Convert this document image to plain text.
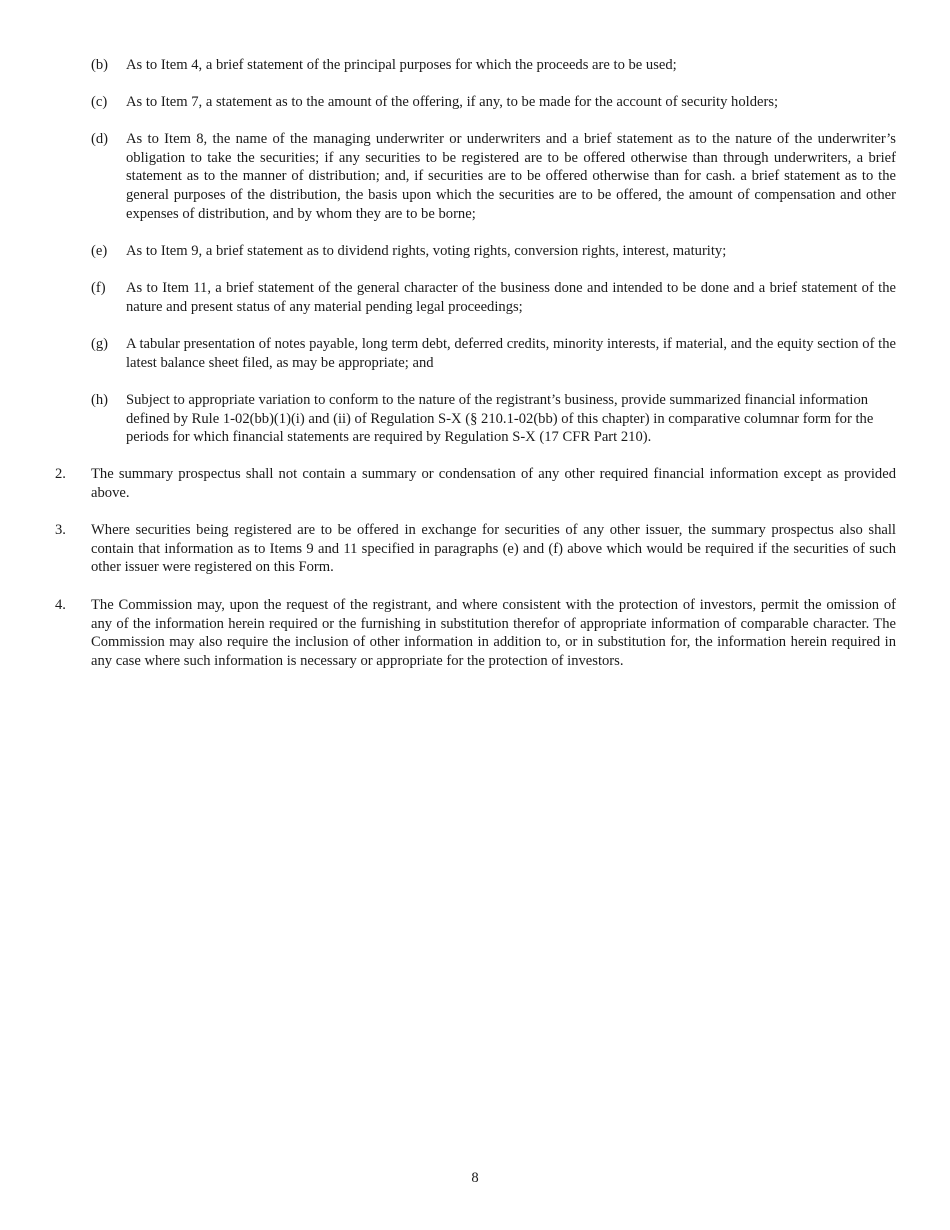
(b) As to Item 4, a brief statement of the principal purposes for which the proceeds are to be used;
(c) As to Item 7, a statement as to the amount of the offering, if any, to be made for the account of security holders;
(d) As to Item 8, the name of the managing underwriter or underwriters and a brief statement as to the nature of the underwriter’s obligation to take the securities; if any securities to be registered are to be offered otherwise than through underwriters, a brief statement as to the manner of distribution; and, if securities are to be offered otherwise than for cash. a brief statement as to the general purposes of the distribution, the basis upon which the securities are to be offered, the amount of compensation and other expenses of distribution, and by whom they are to be borne;
(e) As to Item 9, a brief statement as to dividend rights, voting rights, conversion rights, interest, maturity;
(f) As to Item 11, a brief statement of the general character of the business done and intended to be done and a brief statement of the nature and present status of any material pending legal proceedings;
(g) A tabular presentation of notes payable, long term debt, deferred credits, minority interests, if material, and the equity section of the latest balance sheet filed, as may be appropriate; and
(h) Subject to appropriate variation to conform to the nature of the registrant’s business, provide summarized financial information defined by Rule 1-02(bb)(1)(i) and (ii) of Regulation S-X (§ 210.1-02(bb) of this chapter) in comparative columnar form for the periods for which financial statements are required by Regulation S-X (17 CFR Part 210).
2. The summary prospectus shall not contain a summary or condensation of any other required financial information except as provided above.
3. Where securities being registered are to be offered in exchange for securities of any other issuer, the summary prospectus also shall contain that information as to Items 9 and 11 specified in paragraphs (e) and (f) above which would be required if the securities of such other issuer were registered on this Form.
4. The Commission may, upon the request of the registrant, and where consistent with the protection of investors, permit the omission of any of the information herein required or the furnishing in substitution therefor of appropriate information of comparable character. The Commission may also require the inclusion of other information in addition to, or in substitution for, the information herein required in any case where such information is necessary or appropriate for the protection of investors.
8
